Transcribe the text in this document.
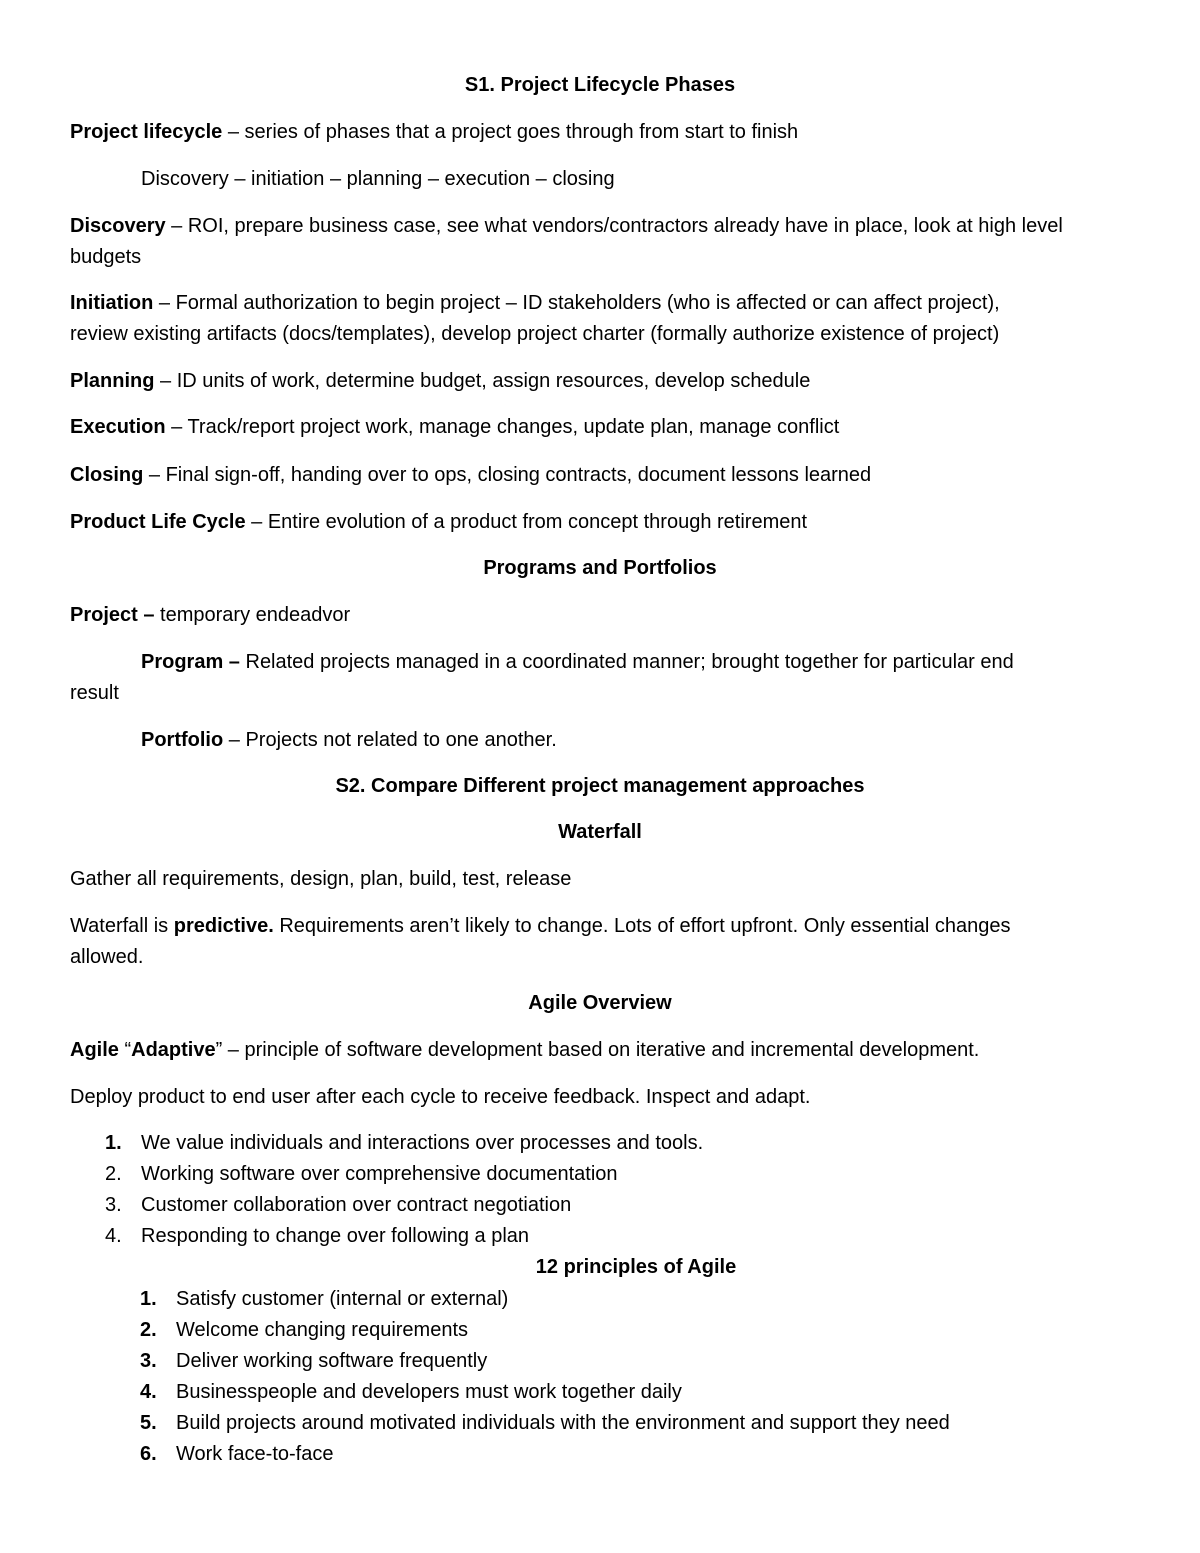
S1. Project Lifecycle Phases

Project lifecycle – series of phases that a project goes through from start to finish

Discovery – initiation – planning – execution – closing

Discovery – ROI, prepare business case, see what vendors/contractors already have in place, look at high level

budgets

Initiation – Formal authorization to begin project – ID stakeholders (who is affected or can affect project),

review existing artifacts (docs/templates), develop project charter (formally authorize existence of project)

Planning – ID units of work, determine budget, assign resources, develop schedule

Execution – Track/report project work, manage changes, update plan, manage conflict

Closing – Final sign-off, handing over to ops, closing contracts, document lessons learned

Product Life Cycle – Entire evolution of a product from concept through retirement

Programs and Portfolios

Project – temporary endeadvor

Program – Related projects managed in a coordinated manner; brought together for particular end

result

Portfolio – Projects not related to one another.

S2. Compare Different project management approaches

Waterfall

Gather all requirements, design, plan, build, test, release

Waterfall is predictive. Requirements aren’t likely to change. Lots of effort upfront. Only essential changes

allowed.

Agile Overview

Agile “Adaptive” – principle of software development based on iterative and incremental development.

Deploy product to end user after each cycle to receive feedback. Inspect and adapt.

1. We value individuals and interactions over processes and tools.

2. Working software over comprehensive documentation

3. Customer collaboration over contract negotiation

4. Responding to change over following a plan

12 principles of Agile

1. Satisfy customer (internal or external)

2. Welcome changing requirements

3. Deliver working software frequently

4. Businesspeople and developers must work together daily

5. Build projects around motivated individuals with the environment and support they need

6. Work face-to-face
